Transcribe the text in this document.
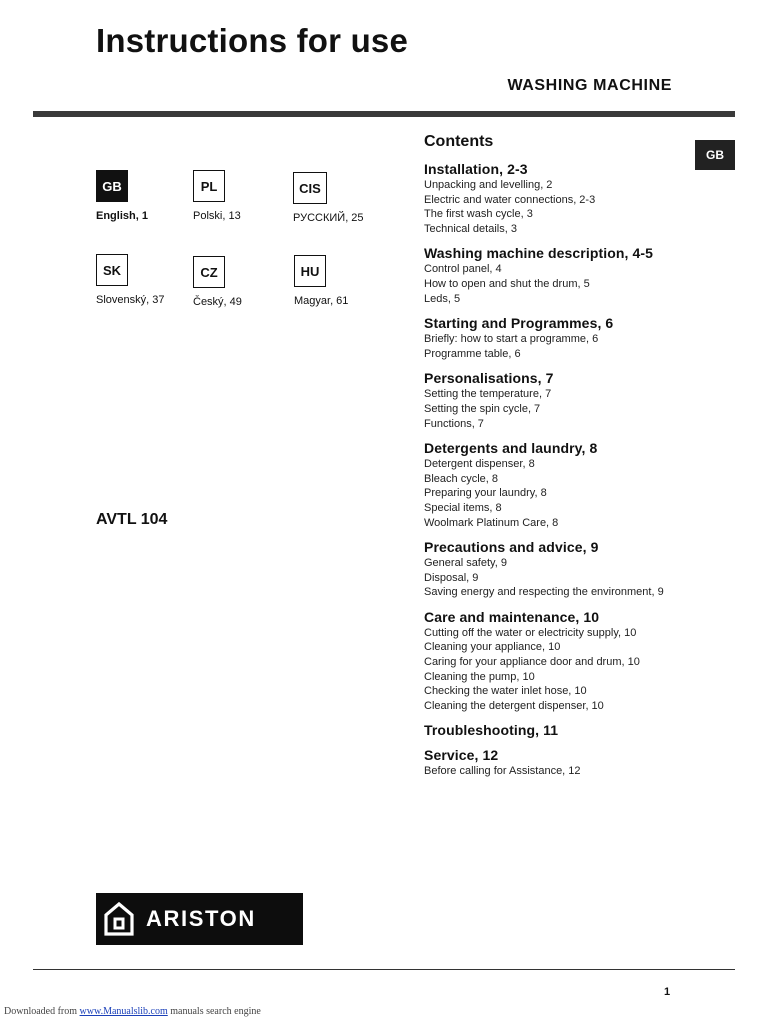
Instructions for use
WASHING MACHINE
GB
GB
English, 1
PL
Polski, 13
CIS
РУССКИЙ, 25
SK
Slovenský, 37
CZ
Český, 49
HU
Magyar, 61
AVTL 104
Contents
Installation, 2-3
Unpacking and levelling, 2
Electric and water connections, 2-3
The first wash cycle, 3
Technical details, 3
Washing machine description, 4-5
Control panel, 4
How to open and shut the drum, 5
Leds, 5
Starting and Programmes, 6
Briefly: how to start a programme, 6
Programme table, 6
Personalisations, 7
Setting the temperature, 7
Setting the spin cycle, 7
Functions, 7
Detergents and laundry, 8
Detergent dispenser, 8
Bleach cycle, 8
Preparing your laundry, 8
Special items, 8
Woolmark Platinum Care, 8
Precautions and advice, 9
General safety, 9
Disposal, 9
Saving energy and respecting the environment, 9
Care and maintenance, 10
Cutting off the water or electricity supply, 10
Cleaning your appliance, 10
Caring for your appliance door and drum, 10
Cleaning the pump, 10
Checking the water inlet hose, 10
Cleaning the detergent dispenser, 10
Troubleshooting, 11
Service, 12
Before calling for Assistance, 12
ARISTON
1
Downloaded from www.Manualslib.com manuals search engine
